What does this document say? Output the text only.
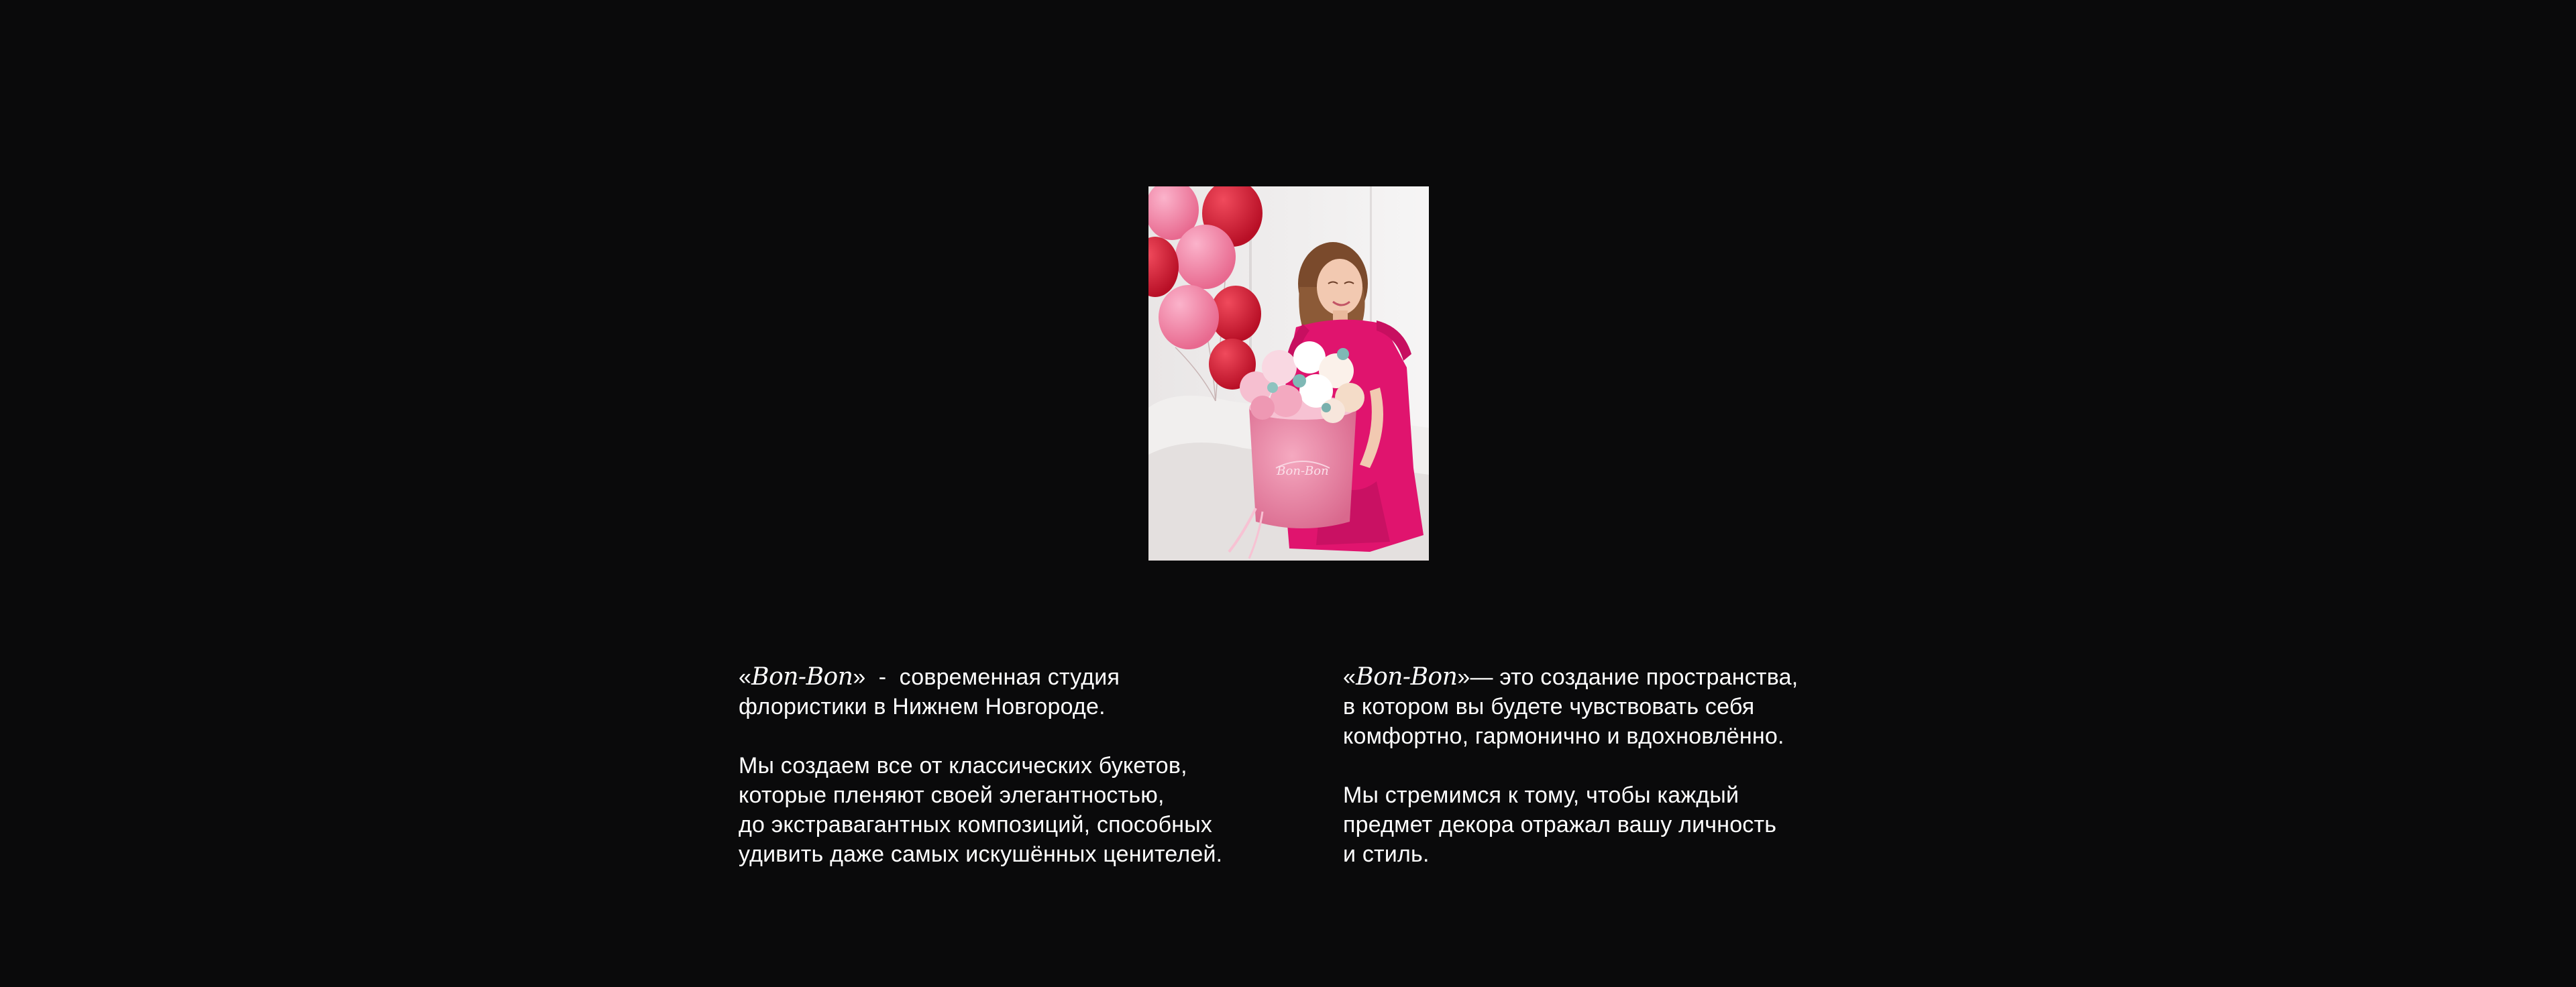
Bon-Bon

«Bon-Bon»  -  современная студия
флористики в Нижнем Новгороде.

Мы создаем все от классических букетов,
которые пленяют своей элегантностью,
до экстравагантных композиций, способных
удивить даже самых искушённых ценителей.

«Bon-Bon»— это создание пространства,
в котором вы будете чувствовать себя
комфортно, гармонично и вдохновлённо.

Мы стремимся к тому, чтобы каждый
предмет декора отражал вашу личность
и стиль.
